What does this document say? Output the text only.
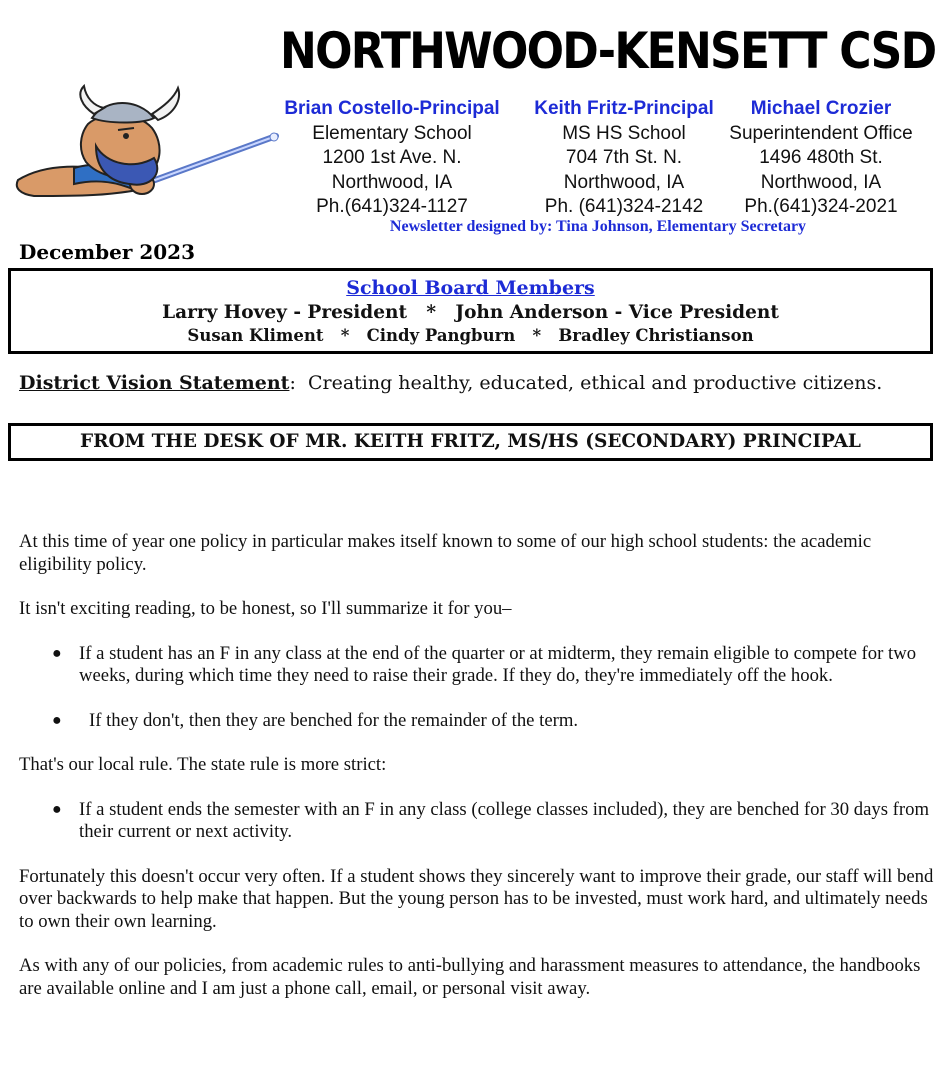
NORTHWOOD-KENSETT CSD
Brian Costello-Principal
Elementary School
1200 1st Ave. N.
Northwood, IA
Ph.(641)324-1127
Keith Fritz-Principal
MS HS School
704 7th St. N.
Northwood, IA
Ph. (641)324-2142
Michael Crozier
Superintendent Office
1496 480th St.
Northwood, IA
Ph.(641)324-2021
Newsletter designed by: Tina Johnson, Elementary Secretary
December 2023
School Board Members
Larry Hovey - President   *   John Anderson - Vice President
Susan Kliment   *   Cindy Pangburn   *   Bradley Christianson
District Vision Statement: Creating healthy, educated, ethical and productive citizens.
FROM THE DESK OF MR. KEITH FRITZ, MS/HS (SECONDARY) PRINCIPAL

At this time of year one policy in particular makes itself known to some of our high school students: the academic eligibility policy.

It isn't exciting reading, to be honest, so I'll summarize it for you–

● If a student has an F in any class at the end of the quarter or at midterm, they remain eligible to compete for two weeks, during which time they need to raise their grade. If they do, they're immediately off the hook.
● If they don't, then they are benched for the remainder of the term.

That's our local rule. The state rule is more strict:

● If a student ends the semester with an F in any class (college classes included), they are benched for 30 days from their current or next activity.

Fortunately this doesn't occur very often. If a student shows they sincerely want to improve their grade, our staff will bend over backwards to help make that happen. But the young person has to be invested, must work hard, and ultimately needs to own their own learning.

As with any of our policies, from academic rules to anti-bullying and harassment measures to attendance, the handbooks are available online and I am just a phone call, email, or personal visit away.
